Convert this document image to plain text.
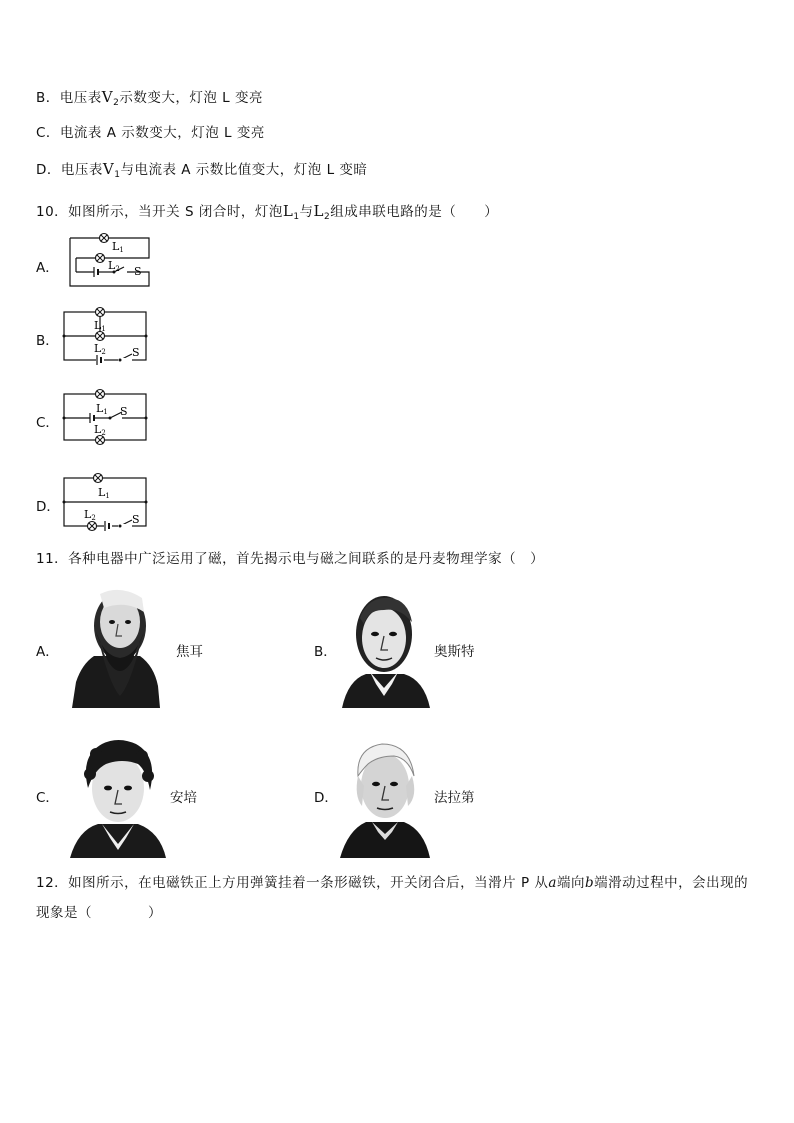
B．电压表$V_2$示数变大，灯泡 L 变亮
C．电流表 A 示数变大，灯泡 L 变亮
D．电压表$V_1$与电流表 A 示数比值变大，灯泡 L 变暗
10．如图所示，当开关 S 闭合时，灯泡$L_1$与$L_2$组成串联电路的是（　　）
A．
B．
C．
D．
L1
L2 S
L1
L2 S
L1
L2
S
L1
L2	S
11．各种电器中广泛运用了磁，首先揭示电与磁之间联系的是丹麦物理学家（　）
A．	B．
C．	D．
焦耳	奥斯特
安培	法拉第
12．如图所示，在电磁铁正上方用弹簧挂着一条形磁铁，开关闭合后，当滑片 P 从a端向b端滑动过程中，会出现的
现象是（　　　　）
